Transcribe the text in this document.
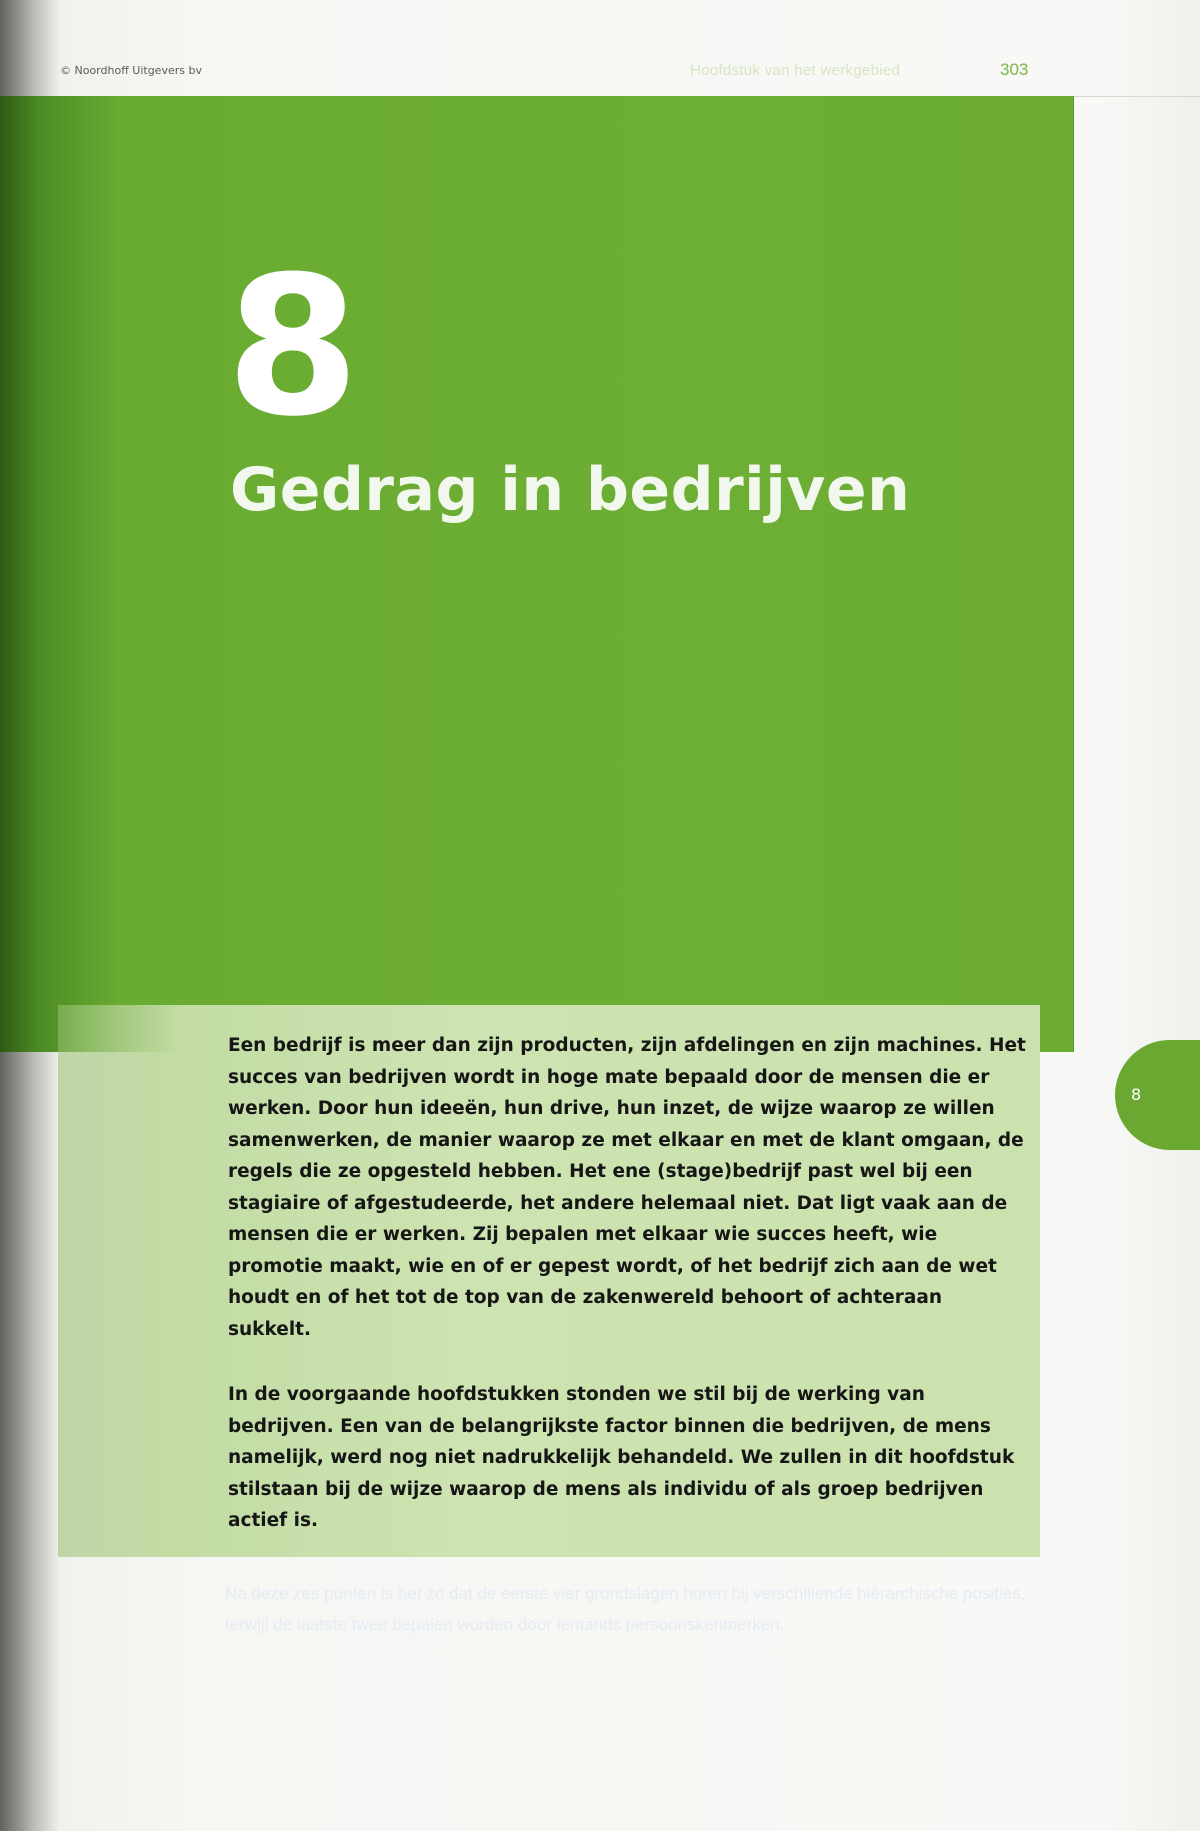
© Noordhoff Uitgevers bv	Hoofdstuk van het werkgebied	303
8
Gedrag in bedrijven

Een bedrijf is meer dan zijn producten, zijn afdelingen en zijn machines. Het succes van bedrijven wordt in hoge mate bepaald door de mensen die er werken. Door hun ideeën, hun drive, hun inzet, de wijze waarop ze willen samenwerken, de manier waarop ze met elkaar en met de klant omgaan, de regels die ze opgesteld hebben. Het ene (stage)bedrijf past wel bij een stagiaire of afgestudeerde, het andere helemaal niet. Dat ligt vaak aan de mensen die er werken. Zij bepalen met elkaar wie succes heeft, wie promotie maakt, wie en of er gepest wordt, of het bedrijf zich aan de wet houdt en of het tot de top van de zakenwereld behoort of achteraan sukkelt.

In de voorgaande hoofdstukken stonden we stil bij de werking van bedrijven. Een van de belangrijkste factor binnen die bedrijven, de mens namelijk, werd nog niet nadrukkelijk behandeld. We zullen in dit hoofdstuk stilstaan bij de wijze waarop de mens als individu of als groep bedrijven actief is.

Na deze zes punten is het zo dat de eerste vier grondslagen horen bij verschillende hiërarchische posities, terwijl de laatste twee bepalen worden door iemands persoonskenmerken.
8
